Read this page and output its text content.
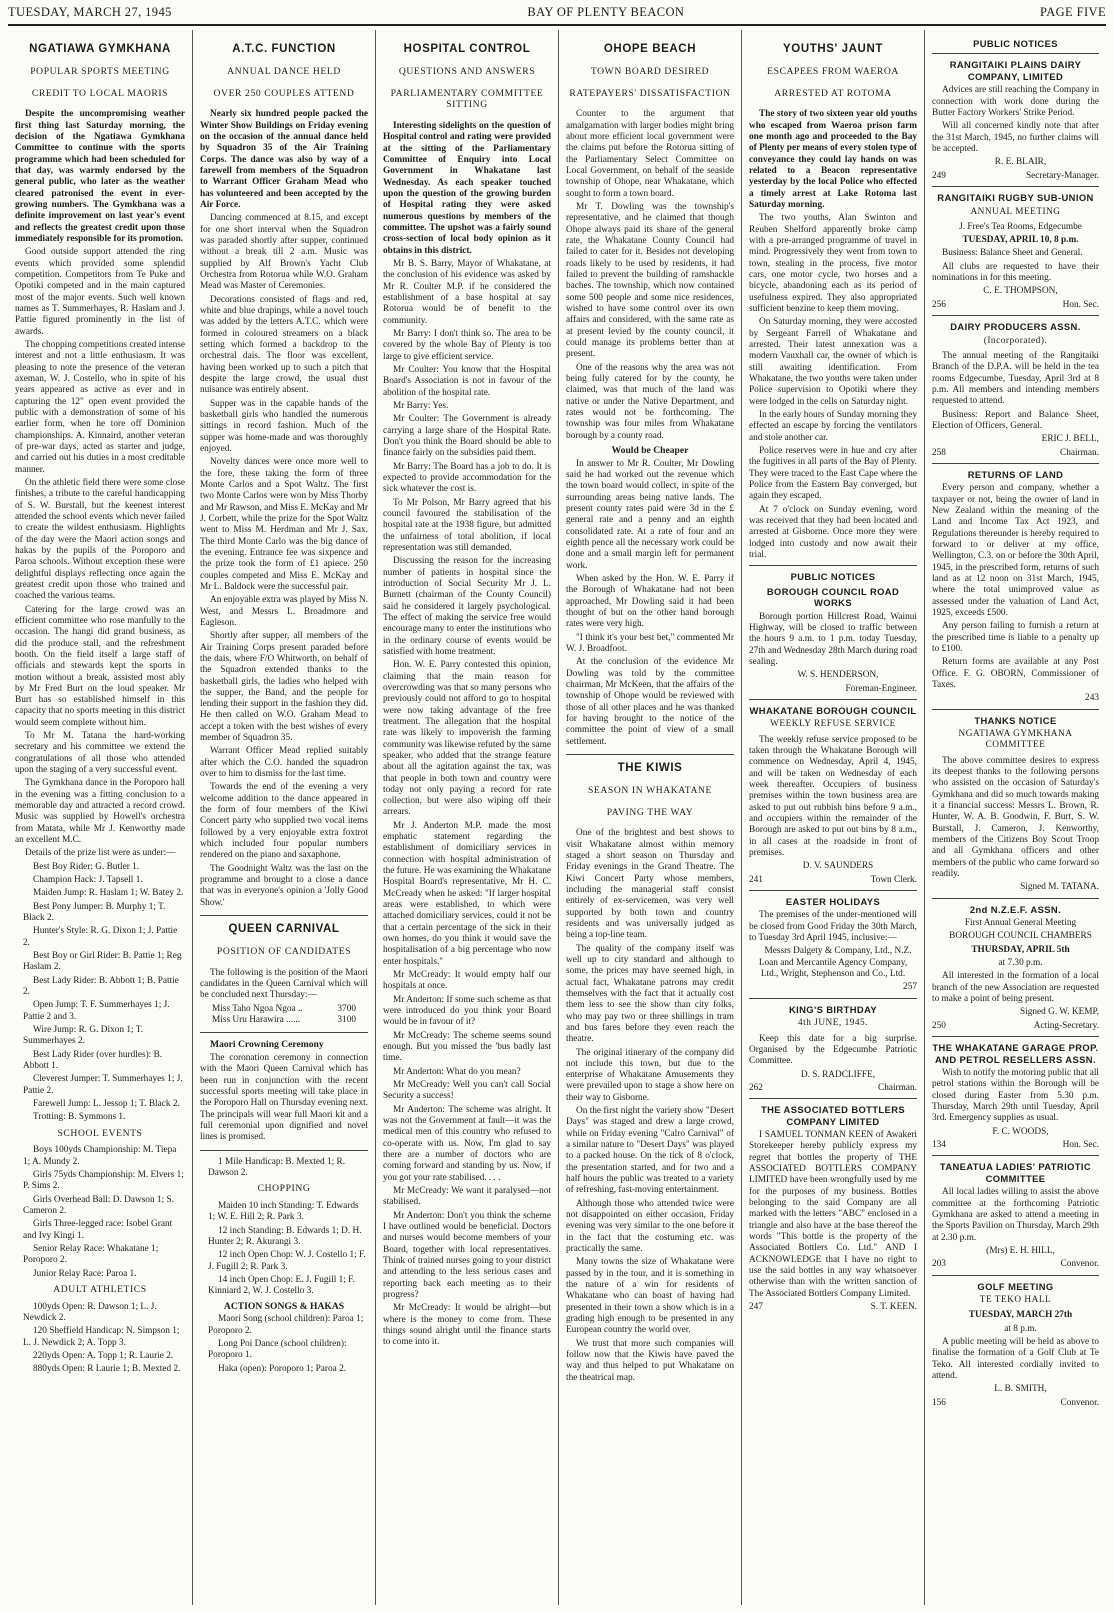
TUESDAY, MARCH 27, 1945	BAY OF PLENTY BEACON	PAGE FIVE
NGATIAWA GYMKHANA
POPULAR SPORTS MEETING
CREDIT TO LOCAL MAORIS

Despite the uncompromising weather first thing last Saturday morning, the decision of the Ngatiawa Gymkhana Committee to continue with the sports programme which had been scheduled for that day, was warmly endorsed by the general public, who later as the weather cleared patronised the event in ever-growing numbers. The Gymkhana was a definite improvement on last year's event and reflects the greatest credit upon those immediately responsible for its promotion.

Good outside support attended the ring events which provided some splendid competition. Competitors from Te Puke and Opotiki competed and in the main captured most of the major events. Such well known names as T. Summerhayes, R. Haslam and J. Pattie figured prominently in the list of awards.

The chopping competitions created intense interest and not a little enthusiasm. It was pleasing to note the presence of the veteran axeman, W. J. Costello, who in spite of his years appeared as active as ever and in capturing the 12" open event provided the public with a demonstration of some of his earlier form, when he tore off Dominion championships. A. Kinnaird, another veteran of pre-war days, acted as starter and judge, and carried out his duties in a most creditable manner.

On the athletic field there were some close finishes, a tribute to the careful handicapping of S. W. Burstall, but the keenest interest attended the school events which never failed to create the wildest enthusiasm. Highlights of the day were the Maori action songs and hakas by the pupils of the Poroporo and Paroa schools. Without exception these were delightful displays reflecting once again the greatest credit upon those who trained and coached the various teams.

Catering for the large crowd was an efficient committee who rose manfully to the occasion. The hangi did grand business, as did the produce stall, and the refreshment booth. On the field itself a large staff of officials and stewards kept the sports in motion without a break, assisted most ably by Mr Fred Burt on the loud speaker. Mr Burt has so established himself in this capacity that no sports meeting in this district would seem complete without him.

To Mr M. Tatana the hard-working secretary and his committee we extend the congratulations of all those who attended upon the staging of a very successful event.

The Gymkhana dance in the Poroporo hall in the evening was a fitting conclusion to a memorable day and attracted a record crowd. Music was supplied by Howell's orchestra from Matata, while Mr J. Kenworthy made an excellent M.C.

Details of the prize list were as under:—

Best Boy Rider: G. Butler 1.

Champion Hack: J. Tapsell 1.

Maiden Jump: R. Haslam 1; W. Batey 2.

Best Pony Jumper: B. Murphy 1; T. Black 2.

Hunter's Style: R. G. Dixon 1; J. Pattie 2.

Best Boy or Girl Rider: B. Pattie 1; Reg Haslam 2.

Best Lady Rider: B. Abbott 1; B. Pattie 2.

Open Jump: T. F. Summerhayes 1; J. Pattie 2 and 3.

Wire Jump: R. G. Dixon 1; T. Summerhayes 2.

Best Lady Rider (over hurdles): B. Abbott 1.

Cleverest Jumper: T. Summerhayes 1; J. Pattie 2.

Farewell Jump: L. Jessop 1; T. Black 2.

Trotting: B. Symmons 1.

SCHOOL EVENTS

Boys 100yds Championship: M. Tiepa 1; A. Mundy 2.

Girls 75yds Championship: M. Elvers 1; P. Sims 2.

Girls Overhead Ball: D. Dawson 1; S. Cameron 2.

Girls Three-legged race: Isobel Grant and Ivy Kingi 1.

Senior Relay Race: Whakatane 1; Poroporo 2.

Junior Relay Race: Paroa 1.

ADULT ATHLETICS

100yds Open: R. Dawson 1; L. J. Newdick 2.

120 Sheffield Handicap: N. Simpson 1; L. J. Newdick 2; A. Topp 3.

220yds Open: A. Topp 1; R. Laurie 2.

880yds Open: R Laurie 1; B. Mexted 2.

A.T.C. FUNCTION
ANNUAL DANCE HELD
OVER 250 COUPLES ATTEND

Nearly six hundred people packed the Winter Show Buildings on Friday evening on the occasion of the annual dance held by Squadron 35 of the Air Training Corps. The dance was also by way of a farewell from members of the Squadron to Warrant Officer Graham Mead who has volunteered and been accepted by the Air Force.

Dancing commenced at 8.15, and except for one short interval when the Squadron was paraded shortly after supper, continued without a break till 2 a.m. Music was supplied by Alf Brown's Yacht Club Orchestra from Rotorua while W.O. Graham Mead was Master of Ceremonies.

Decorations consisted of flags and red, white and blue drapings, while a novel touch was added by the letters A.T.C. which were formed in coloured streamers on a black setting which formed a backdrop to the orchestral dais. The floor was excellent, having been worked up to such a pitch that despite the large crowd, the usual dust nuisance was entirely absent.

Supper was in the capable hands of the basketball girls who handled the numerous sittings in record fashion. Much of the supper was home-made and was thoroughly enjoyed.

Novelty dances were once more well to the fore, these taking the form of three Monte Carlos and a Spot Waltz. The first two Monte Carlos were won by Miss Thorby and Mr Rawson, and Miss E. McKay and Mr J. Corbett, while the prize for the Spot Waltz went to Miss M. Herdman and Mr J. Sax. The third Monte Carlo was the big dance of the evening. Entrance fee was sixpence and the prize took the form of £1 apiece. 250 couples competed and Miss E. McKay and Mr L. Baldock were the successful pair.

An enjoyable extra was played by Miss N. West, and Messrs L. Broadmore and Eagleson.

Shortly after supper, all members of the Air Training Corps present paraded before the dais, where F/O Whitworth, on behalf of the Squadron extended thanks to the basketball girls, the ladies who helped with the supper, the Band, and the people for lending their support in the fashion they did. He then called on W.O. Graham Mead to accept a token with the best wishes of every member of Squadron 35.

Warrant Officer Mead replied suitably after which the C.O. handed the squadron over to him to dismiss for the last time.

Towards the end of the evening a very welcome addition to the dance appeared in the form of four members of the Kiwi Concert party who supplied two vocal items followed by a very enjoyable extra foxtrot which included four popular numbers rendered on the piano and saxaphone.

The Goodnight Waltz was the last on the programme and brought to a close a dance that was in everyone's opinion a 'Jolly Good Show.'

QUEEN CARNIVAL
POSITION OF CANDIDATES

The following is the position of the Maori candidates in the Queen Carnival which will be concluded next Thursday:—

Miss Taho Ngoa Ngoa ..	3700
Miss Uru Harawira ......	3100

Maori Crowning Ceremony

The coronation ceremony in connection with the Maori Queen Carnival which has been run in conjunction with the recent successful sports meeting will take place in the Poroporo Hall on Thursday evening next. The principals will wear full Maori kit and a full ceremonial upon dignified and novel lines is promised.

1 Mile Handicap: B. Mexted 1; R. Dawson 2.

CHOPPING

Maiden 10 inch Standing: T. Edwards 1; W. E. Hill 2; R. Park 3.

12 inch Standing: B. Edwards 1; D. H. Hunter 2; R. Akurangi 3.

12 inch Open Chop: W. J. Costello 1; F. J. Fugill 2; R. Park 3.

14 inch Open Chop: E. J. Fugill 1; F. Kinniard 2, W. J. Costello 3.

ACTION SONGS & HAKAS

Maori Song (school children): Paroa 1; Poroporo 2.

Long Poi Dance (school children): Poroporo 1.

Haka (open): Poroporo 1; Paroa 2.

HOSPITAL CONTROL
QUESTIONS AND ANSWERS
PARLIAMENTARY COMMITTEE SITTING

Interesting sidelights on the question of Hospital control and rating were provided at the sitting of the Parliamentary Committee of Enquiry into Local Government in Whakatane last Wednesday. As each speaker touched upon the question of the growing burden of Hospital rating they were asked numerous questions by members of the committee. The upshot was a fairly sound cross-section of local body opinion as it obtains in this district.

Mr B. S. Barry, Mayor of Whakatane, at the conclusion of his evidence was asked by Mr R. Coulter M.P. if he considered the establishment of a base hospital at say Rotorua would be of benefit to the community.

Mr Barry: I don't think so. The area to be covered by the whole Bay of Plenty is too large to give efficient service.

Mr Coulter: You know that the Hospital Board's Association is not in favour of the abolition of the hospital rate.

Mr Barry: Yes.

Mr Coulter: The Government is already carrying a large share of the Hospital Rate. Don't you think the Board should be able to finance fairly on the subsidies paid them.

Mr Barry: The Board has a job to do. It is expected to provide accommodation for the sick whatever the cost is.

To Mr Polson, Mr Barry agreed that his council favoured the stabilisation of the hospital rate at the 1938 figure, but admitted the unfairness of total abolition, if local representation was still demanded.

Discussing the reason for the increasing number of patients in hospital since the introduction of Social Security Mr J. L. Burnett (chairman of the County Council) said he considered it largely psychological. The effect of making the service free would encourage many to enter the institutions who in the ordinary course of events would be satisfied with home treatment.

Hon. W. E. Parry contested this opinion, claiming that the main reason for overcrowding was that so many persons who previously could not afford to go to hospital were now taking advantage of the free treatment. The allegation that the hospital rate was likely to impoverish the farming community was likewise refuted by the same speaker, who added that the strange feature about all the agitation against the tax, was that people in both town and country were today not only paying a record for rate collection, but were also wiping off their arrears.

Mr J. Anderton M.P. made the most emphatic statement regarding the establishment of domiciliary services in connection with hospital administration of the future. He was examining the Whakatane Hospital Board's representative, Mr H. C. McCready when he asked: "If larger hospital areas were established, to which were attached domiciliary services, could it not be that a certain percentage of the sick in their own homes, do you think it would save the hospitalisation of a big percentage who now enter hospitals."

Mr McCready: It would empty half our hospitals at once.

Mr Anderton: If some such scheme as that were introduced do you think your Board would be in favour of it?

Mr McCready: The scheme seems sound enough. But you missed the 'bus badly last time.

Mr Anderton: What do you mean?

Mr McCready: Well you can't call Social Security a success!

Mr Anderton: The scheme was alright. It was not the Government at fault—it was the medical men of this country who refused to co-operate with us. Now, I'm glad to say there are a number of doctors who are coming forward and standing by us. Now, if you got your rate stabilised. . . .

Mr McCready: We want it paralysed—not stabilised.

Mr Anderton: Don't you think the scheme I have outlined would be beneficial. Doctors and nurses would become members of your Board, together with local representatives. Think of trained nurses going to your district and attending to the less serious cases and reporting back each meeting as to their progress?

Mr McCready: It would be alright—but where is the money to come from. These things sound alright until the finance starts to come into it.

OHOPE BEACH
TOWN BOARD DESIRED
RATEPAYERS' DISSATISFACTION

Counter to the argument that amalgamation with larger bodies might bring about more efficient local government were the claims put before the Rotorua sitting of the Parliamentary Select Committee on Local Government, on behalf of the seaside township of Ohope, near Whakatane, which sought to form a town board.

Mr T. Dowling was the township's representative, and he claimed that though Ohope always paid its share of the general rate, the Whakatane County Council had failed to cater for it. Besides not developing roads likely to be used by residents, it had failed to prevent the building of ramshackle baches. The township, which now contained some 500 people and some nice residences, wished to have some control over its own affairs and considered, with the same rate as at present levied by the county council, it could manage its problems better than at present.

One of the reasons why the area was not being fully catered for by the county, he claimed, was that much of the land was native or under the Native Department, and rates would not be forthcoming. The township was four miles from Whakatane borough by a county road.

Would be Cheaper

In answer to Mr R. Coulter, Mr Dowling said he had worked out the revenue which the town board would collect, in spite of the surrounding areas being native lands. The present county rates paid were 3d in the £ general rate and a penny and an eighth consolidated rate. At a rate of four and an eighth pence all the necessary work could be done and a small margin left for permanent work.

When asked by the Hon. W. E. Parry if the Borough of Whakatane had not been approached, Mr Dowling said it had been thought of but on the other hand borough rates were very high.

"I think it's your best bet," commented Mr W. J. Broadfoot.

At the conclusion of the evidence Mr Dowling was told by the committee chairman, Mr McKeen, that the affairs of the township of Ohope would be reviewed with those of all other places and he was thanked for having brought to the notice of the committee the point of view of a small settlement.

THE KIWIS
SEASON IN WHAKATANE
PAVING THE WAY

One of the brightest and best shows to visit Whakatane almost within memory staged a short season on Thursday and Friday evenings in the Grand Theatre. The Kiwi Concert Party whose members, including the managerial staff consist entirely of ex-servicemen, was very well supported by both town and country residents and was universally judged as being a top-line team.

The quality of the company itself was well up to city standard and although to some, the prices may have seemed high, in actual fact, Whakatane patrons may credit themselves with the fact that it actually cost them less to see the show than city folks, who may pay two or three shillings in tram and bus fares before they even reach the theatre.

The original itinerary of the company did not include this town, but due to the enterprise of Whakatane Amusements they were prevailed upon to stage a show here on their way to Gisborne.

On the first night the variety show "Desert Days" was staged and drew a large crowd, while on Friday evening "Calro Carnival" of a similar nature to "Desert Days" was played to a packed house. On the tick of 8 o'clock, the presentation started, and for two and a half hours the public was treated to a variety of refreshing, fast-moving entertainment.

Although those who attended twice were not disappointed on either occasion, Friday evening was very similar to the one before it in the fact that the costuming etc. was practically the same.

Many towns the size of Whakatane were passed by in the tour, and it is something in the nature of a win for residents of Whakatane who can boast of having had presented in their town a show which is in a grading high enough to be presented in any European country the world over.

We trust that more such companies will follow now that the Kiwis have paved the way and thus helped to put Whakatane on the theatrical map.

YOUTHS' JAUNT
ESCAPEES FROM WAEROA
ARRESTED AT ROTOMA

The story of two sixteen year old youths who escaped from Waeroa prison farm one month ago and proceeded to the Bay of Plenty per means of every stolen type of conveyance they could lay hands on was related to a Beacon representative yesterday by the local Police who effected a timely arrest at Lake Rotoma last Saturday morning.

The two youths, Alan Swinton and Reuben Shelford apparently broke camp with a pre-arranged programme of travel in mind. Progressively they went from town to town, stealing in the process, five motor cars, one motor cycle, two horses and a bicycle, abandoning each as its period of usefulness expired. They also appropriated sufficient benzine to keep them moving.

On Saturday morning, they were accosted by Sergeant Farrell of Whakatane and arrested. Their latest annexation was a modern Vauxhall car, the owner of which is still awaiting identification. From Whakatane, the two youths were taken under Police supervision to Opotiki where they were lodged in the cells on Saturday night.

In the early hours of Sunday morning they effected an escape by forcing the ventilators and stole another car.

Police reserves were in hue and cry after the fugitives in all parts of the Bay of Plenty. They were traced to the East Cape where the Police from the Eastern Bay converged, but again they escaped.

At 7 o'clock on Sunday evening, word was received that they had been located and arrested at Gisborne. Once more they were lodged into custody and now await their trial.

PUBLIC NOTICES
BOROUGH COUNCIL ROAD WORKS

Borough portion Hillcrest Road, Wainui Highway, will be closed to traffic between the hours 9 a.m. to 1 p.m. today Tuesday, 27th and Wednesday 28th March during road sealing.

W. S. HENDERSON,

Foreman-Engineer.

WHAKATANE BOROUGH COUNCIL
WEEKLY REFUSE SERVICE

The weekly refuse service proposed to be taken through the Whakatane Borough will commence on Wednesday, April 4, 1945, and will be taken on Wednesday of each week thereafter. Occupiers of business premises within the town business area are asked to put out rubbish bins before 9 a.m., and occupiers within the remainder of the Borough are asked to put out bins by 8 a.m., in all cases at the roadside in front of premises.

D. V. SAUNDERS

241	Town Clerk.
EASTER HOLIDAYS

The premises of the under-mentioned will be closed from Good Friday the 30th March, to Tuesday 3rd April 1945, inclusive:—

Messrs Dalgety & Company, Ltd., N.Z. Loan and Mercantile Agency Company, Ltd., Wright, Stephenson and Co., Ltd.

257

KING'S BIRTHDAY
4th JUNE, 1945.

Keep this date for a big surprise. Organised by the Edgecumbe Patriotic Committee.

D. S. RADCLIFFE,

262	Chairman.
THE ASSOCIATED BOTTLERS COMPANY LIMITED

I SAMUEL TONMAN KEEN of Awakeri Storekeeper hereby publicly express my regret that bottles the property of THE ASSOCIATED BOTTLERS COMPANY LIMITED have been wrongfully used by me for the purposes of my business. Bottles belonging to the said Company are all marked with the letters "ABC" enclosed in a triangle and also have at the base thereof the words "This bottle is the property of the Associated Bottlers Co. Ltd." AND I ACKNOWLEDGE that I have no right to use the said bottles in any way whatsoever otherwise than with the written sanction of The Associated Bottlers Company Limited.

247	S. T. KEEN.
PUBLIC NOTICES
RANGITAIKI PLAINS DAIRY COMPANY, LIMITED

Advices are still reaching the Company in connection with work done during the Butter Factory Workers' Strike Period.

Will all concerned kindly note that after the 31st March, 1945, no further claims will be accepted.

R. E. BLAIR,

249	Secretary-Manager.
RANGITAIKI RUGBY SUB-UNION
ANNUAL MEETING

J. Free's Tea Rooms, Edgecumbe

TUESDAY, APRIL 10, 8 p.m.

Business: Balance Sheet and General.

All clubs are requested to have their nominations in for this meeting.

C. E. THOMPSON,

256	Hon. Sec.
DAIRY PRODUCERS ASSN.
(Incorporated).

The annual meeting of the Rangitaiki Branch of the D.P.A. will be held in the tea rooms Edgecumbe, Tuesday, April 3rd at 8 p.m. All members and intending members requested to attend.

Business: Report and Balance Sheet, Election of Officers, General.

ERIC J. BELL,

258	Chairman.
RETURNS OF LAND

Every person and company, whether a taxpayer or not, being the owner of land in New Zealand within the meaning of the Land and Income Tax Act 1923, and Regulations thereunder is hereby required to forward to or deliver at my office, Wellington, C.3. on or before the 30th April, 1945, in the prescribed form, returns of such land as at 12 noon on 31st March, 1945, where the total unimproved value as assessed under the valuation of Land Act, 1925, exceeds £500.

Any person failing to furnish a return at the prescribed time is liable to a penalty up to £100.

Return forms are available at any Post Office. F. G. OBORN, Commissioner of Taxes.

243

THANKS NOTICE
NGATIAWA GYMKHANA COMMITTEE

The above committee desires to express its deepest thanks to the following persons who assisted on the occasion of Saturday's Gymkhana and did so much towards making it a financial success: Messrs L. Brown, R. Hunter, W. A. B. Goodwin, F. Burt, S. W. Burstall, J. Cameron, J. Kenworthy, members of the Citizens Boy Scout Troop and all Gymkhana officers and other members of the public who came forward so readily.

Signed M. TATANA.

2nd N.Z.E.F. ASSN.

First Annual General Meeting

BOROUGH COUNCIL CHAMBERS

THURSDAY, APRIL 5th

at 7.30 p.m.

All interested in the formation of a local branch of the new Association are requested to make a point of being present.

Signed G. W. KEMP,

250	Acting-Secretary.
THE WHAKATANE GARAGE PROP. AND PETROL RESELLERS ASSN.

Wish to notify the motoring public that all petrol stations within the Borough will be closed during Easter from 5.30 p.m. Thursday, March 29th until Tuesday, April 3rd. Emergency supplies as usual.

F. C. WOODS,

134	Hon. Sec.
TANEATUA LADIES' PATRIOTIC COMMITTEE

All local ladies willing to assist the above committee at the forthcoming Patriotic Gymkhana are asked to attend a meeting in the Sports Pavilion on Thursday, March 29th at 2.30 p.m.

(Mrs) E. H. HILL,

203	Convenor.
GOLF MEETING
TE TEKO HALL

TUESDAY, MARCH 27th

at 8 p.m.

A public meeting will be held as above to finalise the formation of a Golf Club at Te Teko. All interested cordially invited to attend.

L. B. SMITH,

156	Convenor.
